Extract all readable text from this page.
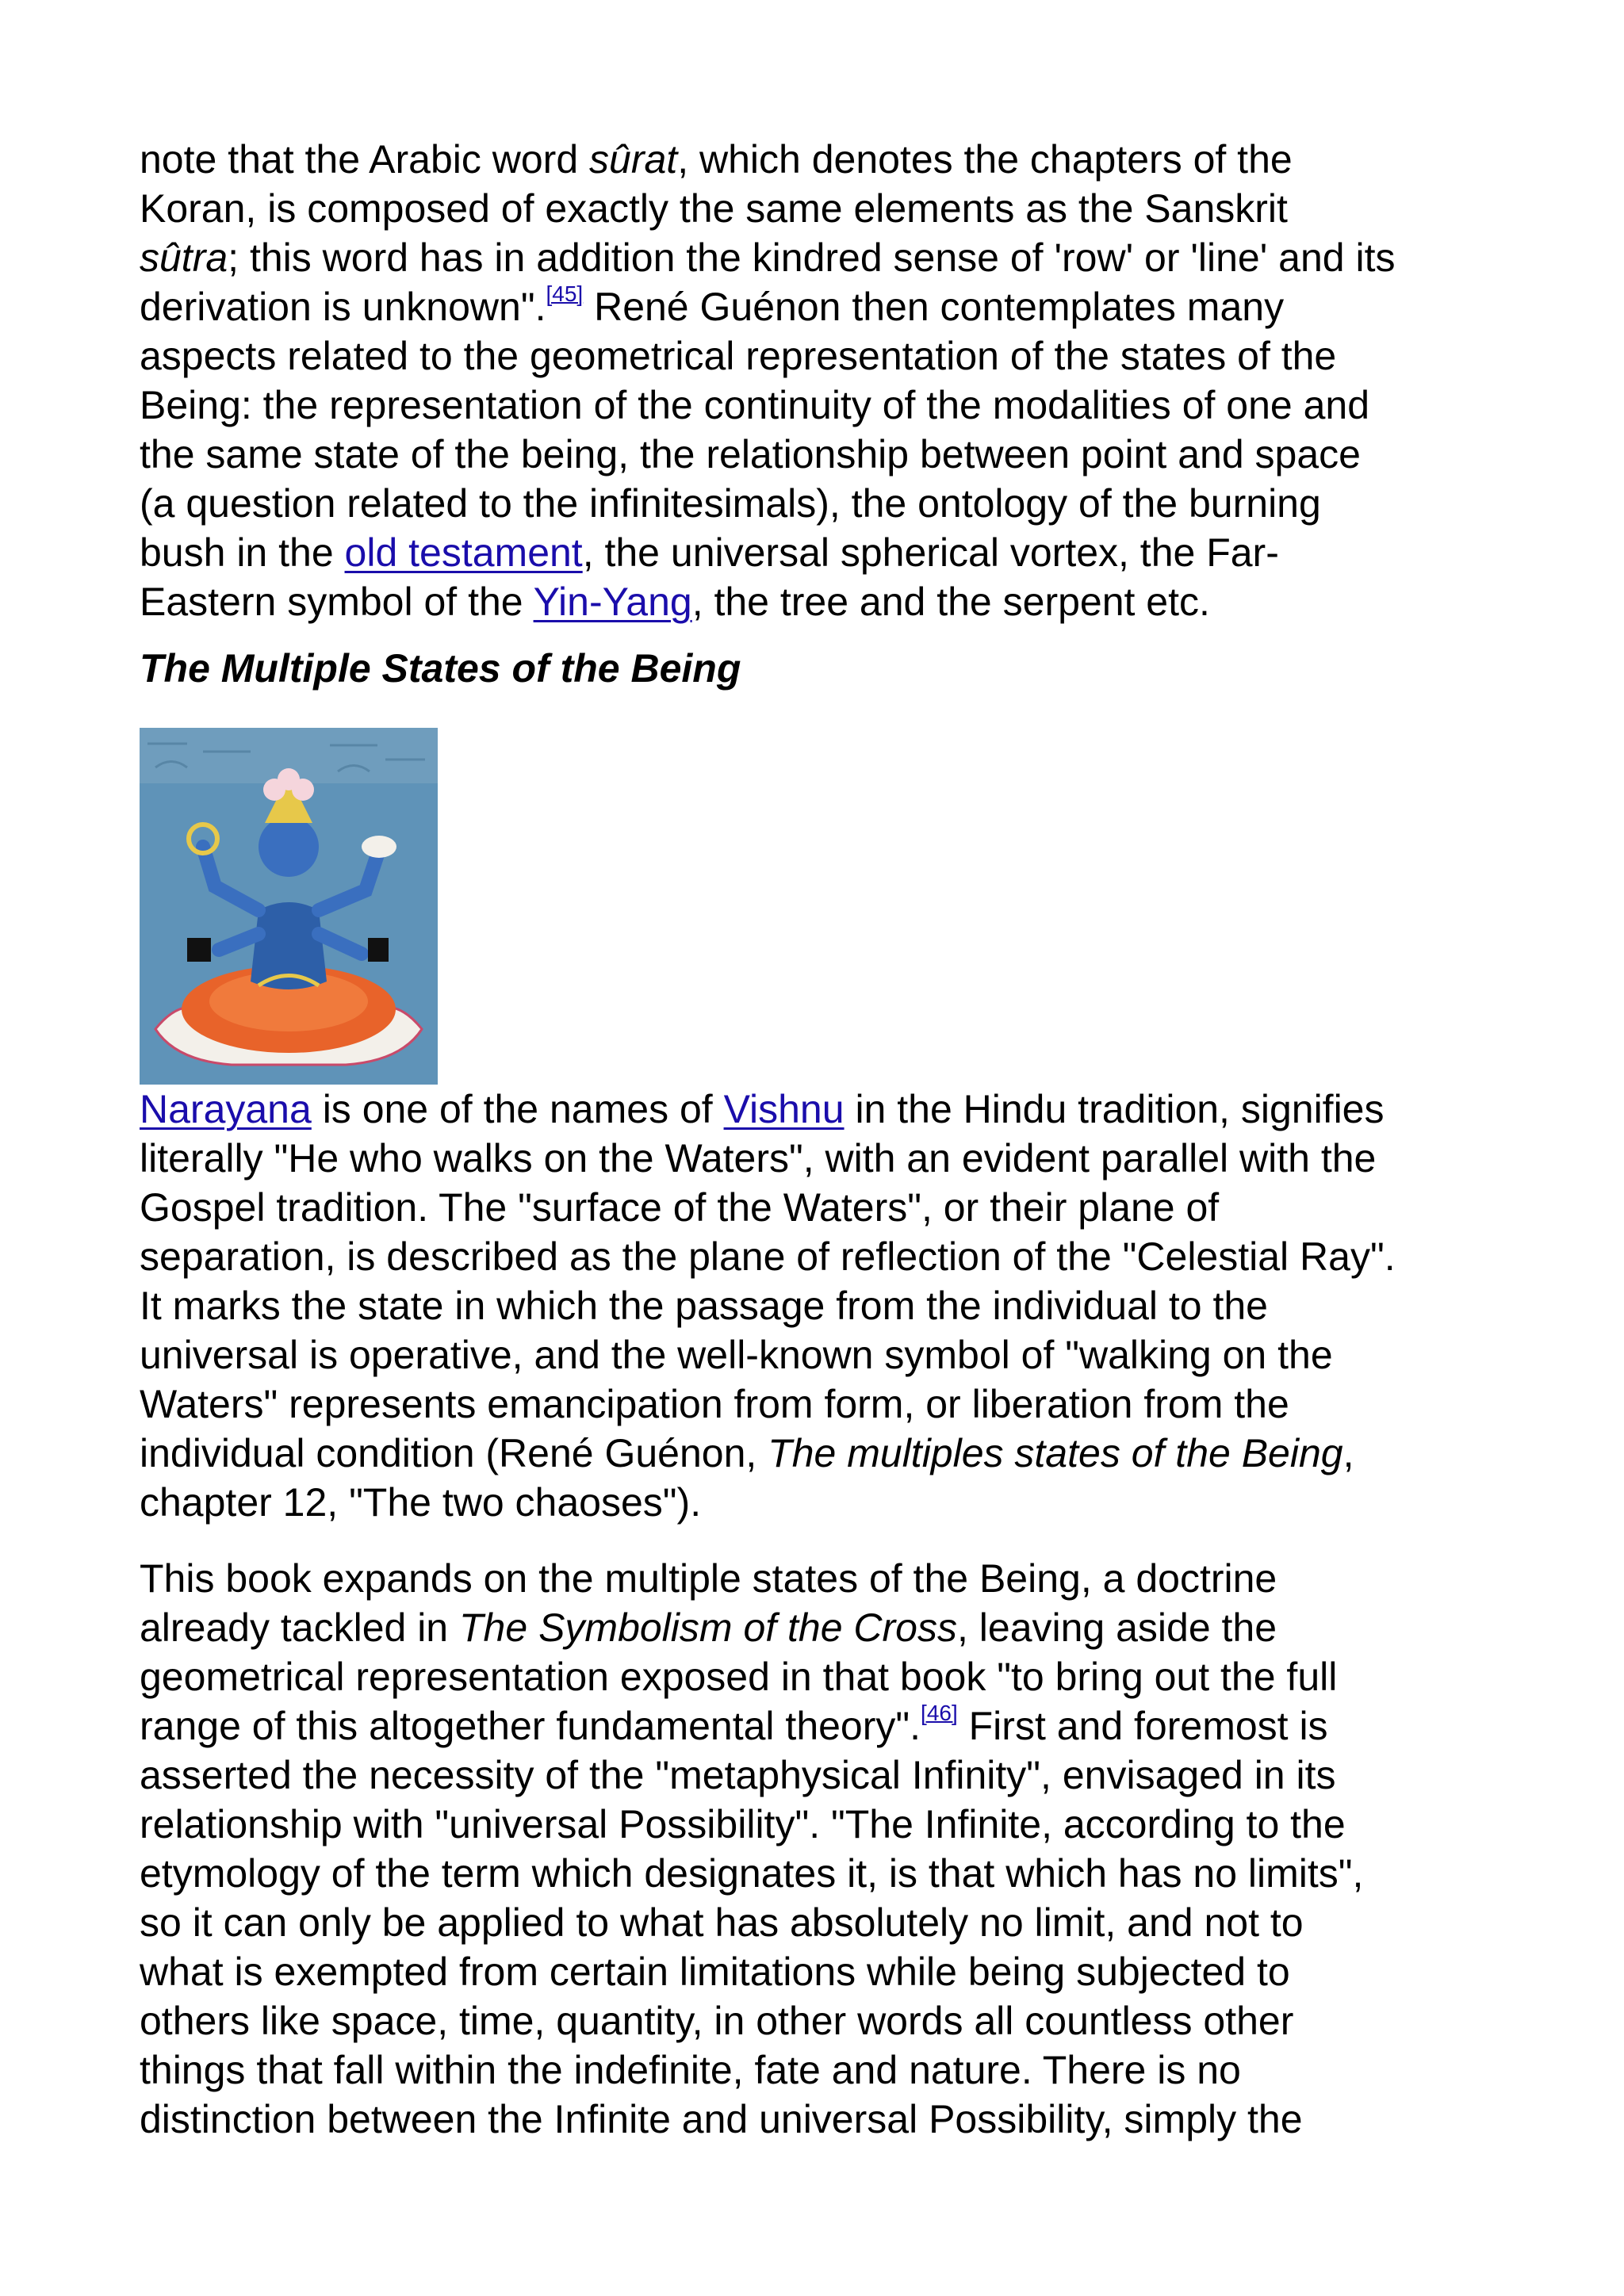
note that the Arabic word sûrat, which denotes the chapters of the
Koran, is composed of exactly the same elements as the Sanskrit
sûtra; this word has in addition the kindred sense of 'row' or 'line' and its
derivation is unknown".[45] René Guénon then contemplates many
aspects related to the geometrical representation of the states of the
Being: the representation of the continuity of the modalities of one and
the same state of the being, the relationship between point and space
(a question related to the infinitesimals), the ontology of the burning
bush in the old testament, the universal spherical vortex, the Far-
Eastern symbol of the Yin-Yang, the tree and the serpent etc.

The Multiple States of the Being

Narayana is one of the names of Vishnu in the Hindu tradition, signifies
literally "He who walks on the Waters", with an evident parallel with the
Gospel tradition. The "surface of the Waters", or their plane of
separation, is described as the plane of reflection of the "Celestial Ray".
It marks the state in which the passage from the individual to the
universal is operative, and the well-known symbol of "walking on the
Waters" represents emancipation from form, or liberation from the
individual condition (René Guénon, The multiples states of the Being,
chapter 12, "The two chaoses").

This book expands on the multiple states of the Being, a doctrine
already tackled in The Symbolism of the Cross, leaving aside the
geometrical representation exposed in that book "to bring out the full
range of this altogether fundamental theory".[46] First and foremost is
asserted the necessity of the "metaphysical Infinity", envisaged in its
relationship with "universal Possibility". "The Infinite, according to the
etymology of the term which designates it, is that which has no limits",
so it can only be applied to what has absolutely no limit, and not to
what is exempted from certain limitations while being subjected to
others like space, time, quantity, in other words all countless other
things that fall within the indefinite, fate and nature. There is no
distinction between the Infinite and universal Possibility, simply the
